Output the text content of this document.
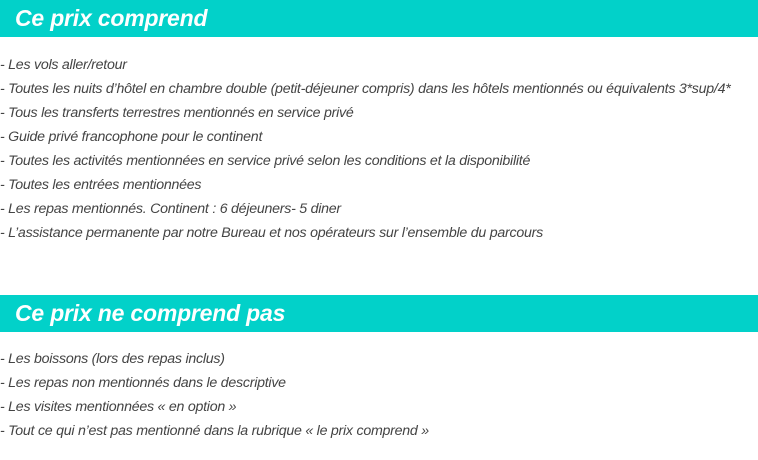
Ce prix comprend
- Les vols aller/retour
- Toutes les nuits d’hôtel en chambre double (petit-déjeuner compris) dans les hôtels mentionnés ou équivalents 3*sup/4*
- Tous les transferts terrestres mentionnés en service privé
- Guide privé francophone pour le continent
- Toutes les activités mentionnées en service privé selon les conditions et la disponibilité
- Toutes les entrées mentionnées
- Les repas mentionnés. Continent : 6 déjeuners- 5 diner
- L’assistance permanente par notre Bureau et nos opérateurs sur l’ensemble du parcours
Ce prix ne comprend pas
- Les boissons (lors des repas inclus)
- Les repas non mentionnés dans le descriptive
- Les visites mentionnées « en option »
- Tout ce qui n’est pas mentionné dans la rubrique « le prix comprend »
